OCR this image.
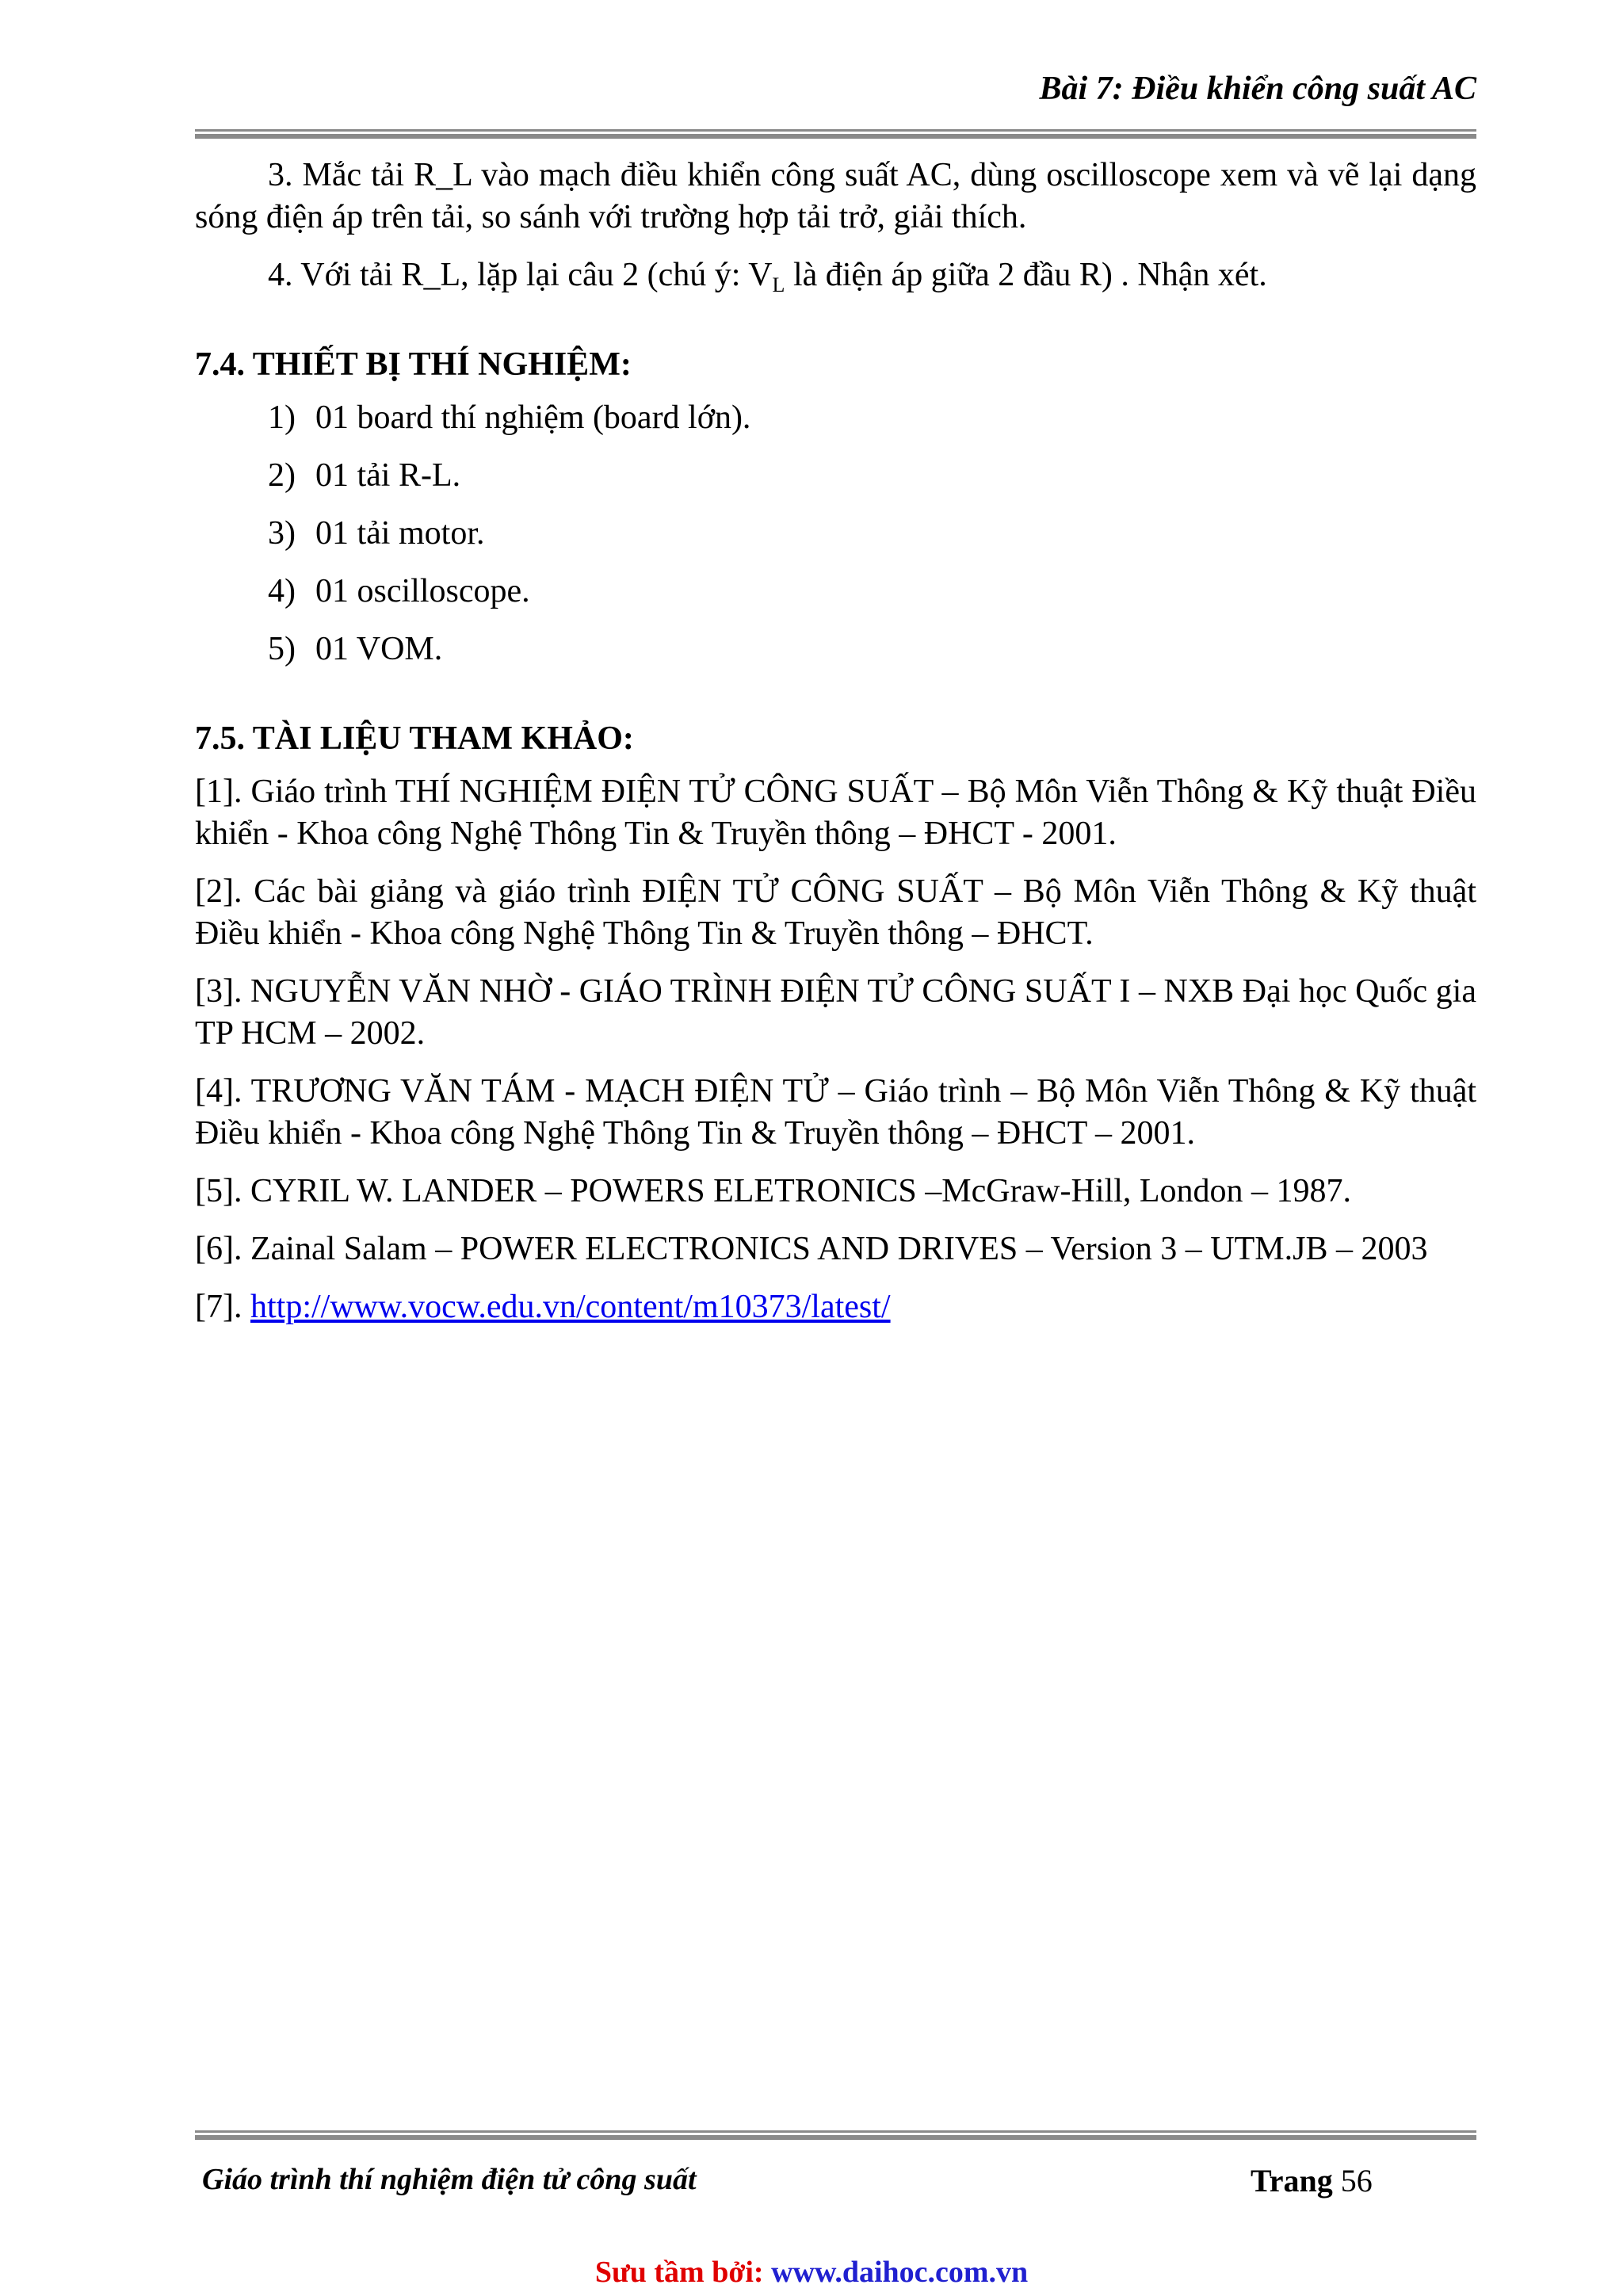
Bài 7: Điều khiển công suất AC

3. Mắc tải R_L vào mạch điều khiển công suất AC, dùng oscilloscope xem và vẽ lại dạng sóng điện áp trên tải, so sánh với trường hợp tải trở, giải thích.

4. Với tải R_L, lặp lại câu 2 (chú ý: $V_L$ là điện áp giữa 2 đầu R) . Nhận xét.

7.4. THIẾT BỊ THÍ NGHIỆM:
1) 01 board thí nghiệm (board lớn).
2) 01 tải R-L.
3) 01 tải motor.
4) 01 oscilloscope.
5) 01 VOM.
7.5. TÀI LIỆU THAM KHẢO:

[1]. Giáo trình THÍ NGHIỆM ĐIỆN TỬ CÔNG SUẤT – Bộ Môn Viễn Thông & Kỹ thuật Điều khiển - Khoa công Nghệ Thông Tin & Truyền thông – ĐHCT - 2001.

[2]. Các bài giảng và giáo trình ĐIỆN TỬ CÔNG SUẤT – Bộ Môn Viễn Thông & Kỹ thuật Điều khiển - Khoa công Nghệ Thông Tin & Truyền thông – ĐHCT.

[3]. NGUYỄN VĂN NHỜ - GIÁO TRÌNH ĐIỆN TỬ CÔNG SUẤT I – NXB Đại học Quốc gia TP HCM – 2002.

[4]. TRƯƠNG VĂN TÁM - MẠCH ĐIỆN TỬ – Giáo trình – Bộ Môn Viễn Thông & Kỹ thuật Điều khiển - Khoa công Nghệ Thông Tin & Truyền thông – ĐHCT – 2001.

[5]. CYRIL W. LANDER – POWERS ELETRONICS –McGraw-Hill, London – 1987.

[6]. Zainal Salam – POWER ELECTRONICS AND DRIVES – Version 3 – UTM.JB – 2003

[7]. http://www.vocw.edu.vn/content/m10373/latest/

Giáo trình thí nghiệm điện tử công suất	Trang 56
Sưu tầm bởi: www.daihoc.com.vn
